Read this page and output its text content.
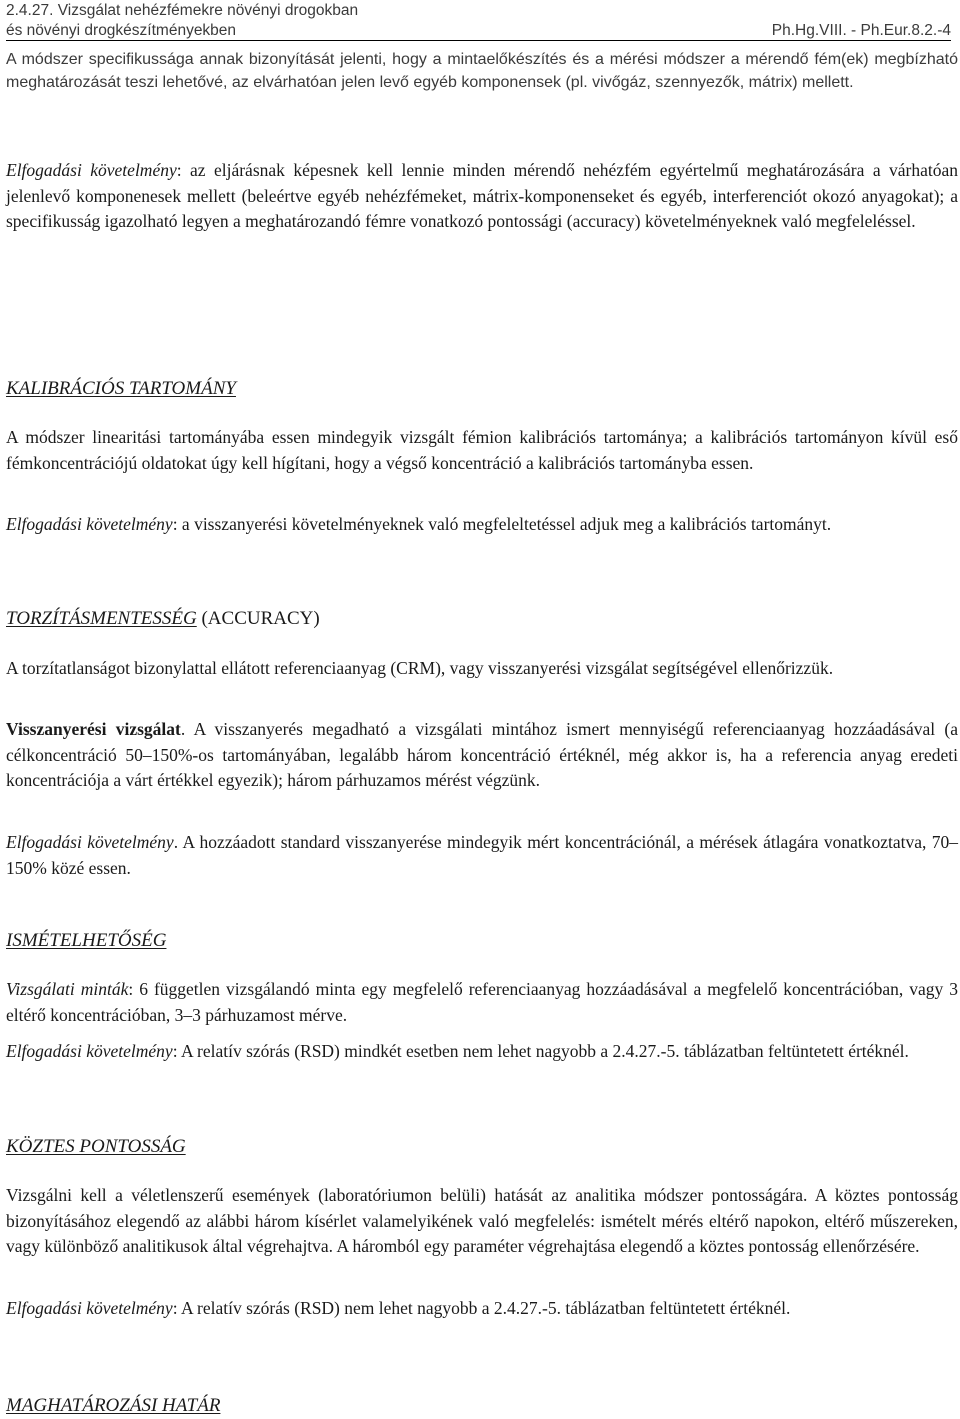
2.4.27. Vizsgálat nehézfémekre növényi drogokban
és növényi drogkészítményekben	Ph.Hg.VIII. - Ph.Eur.8.2.-4

A módszer specifikussága annak bizonyítását jelenti, hogy a mintaelőkészítés és a mérési módszer a mérendő fém(ek) megbízható meghatározását teszi lehetővé, az elvárhatóan jelen levő egyéb komponensek (pl. vivőgáz, szennyezők, mátrix) mellett.

Elfogadási követelmény: az eljárásnak képesnek kell lennie minden mérendő nehézfém egyértelmű meghatározására a várhatóan jelenlevő komponenesek mellett (beleértve egyéb nehézfémeket, mátrix-komponenseket és egyéb, interferenciót okozó anyagokat); a specifikusság igazolható legyen a meghatározandó fémre vonatkozó pontossági (accuracy) követelményeknek való megfeleléssel.

KALIBRÁCIÓS TARTOMÁNY

A módszer linearitási tartományába essen mindegyik vizsgált fémion kalibrációs tartománya; a kalibrációs tartományon kívül eső fémkoncentrációjú oldatokat úgy kell hígítani, hogy a végső koncentráció a kalibrációs tartományba essen.

Elfogadási követelmény: a visszanyerési követelményeknek való megfeleltetéssel adjuk meg a kalibrációs tartományt.

TORZÍTÁSMENTESSÉG (ACCURACY)

A torzítatlanságot bizonylattal ellátott referenciaanyag (CRM), vagy visszanyerési vizsgálat segítségével ellenőrizzük.

Visszanyerési vizsgálat. A visszanyerés megadható a vizsgálati mintához ismert mennyiségű referenciaanyag hozzáadásával (a célkoncentráció 50–150%-os tartományában, legalább három koncentráció értéknél, még akkor is, ha a referencia anyag eredeti koncentrációja a várt értékkel egyezik); három párhuzamos mérést végzünk.

Elfogadási követelmény. A hozzáadott standard visszanyerése mindegyik mért koncentrációnál, a mérések átlagára vonatkoztatva, 70–150% közé essen.

ISMÉTELHETŐSÉG

Vizsgálati minták: 6 független vizsgálandó minta egy megfelelő referenciaanyag hozzáadásával a megfelelő koncentrációban, vagy 3 eltérő koncentrációban, 3–3 párhuzamost mérve.

Elfogadási követelmény: A relatív szórás (RSD) mindkét esetben nem lehet nagyobb a 2.4.27.-5. táblázatban feltüntetett értéknél.

KÖZTES PONTOSSÁG

Vizsgálni kell a véletlenszerű események (laboratóriumon belüli) hatását az analitika módszer pontosságára. A köztes pontosság bizonyításához elegendő az alábbi három kísérlet valamelyikének való megfelelés: ismételt mérés eltérő napokon, eltérő műszereken, vagy különböző analitikusok által végrehajtva. A háromból egy paraméter végrehajtása elegendő a köztes pontosság ellenőrzésére.

Elfogadási követelmény: A relatív szórás (RSD) nem lehet nagyobb a 2.4.27.-5. táblázatban feltüntetett értéknél.

MAGHATÁROZÁSI HATÁR
